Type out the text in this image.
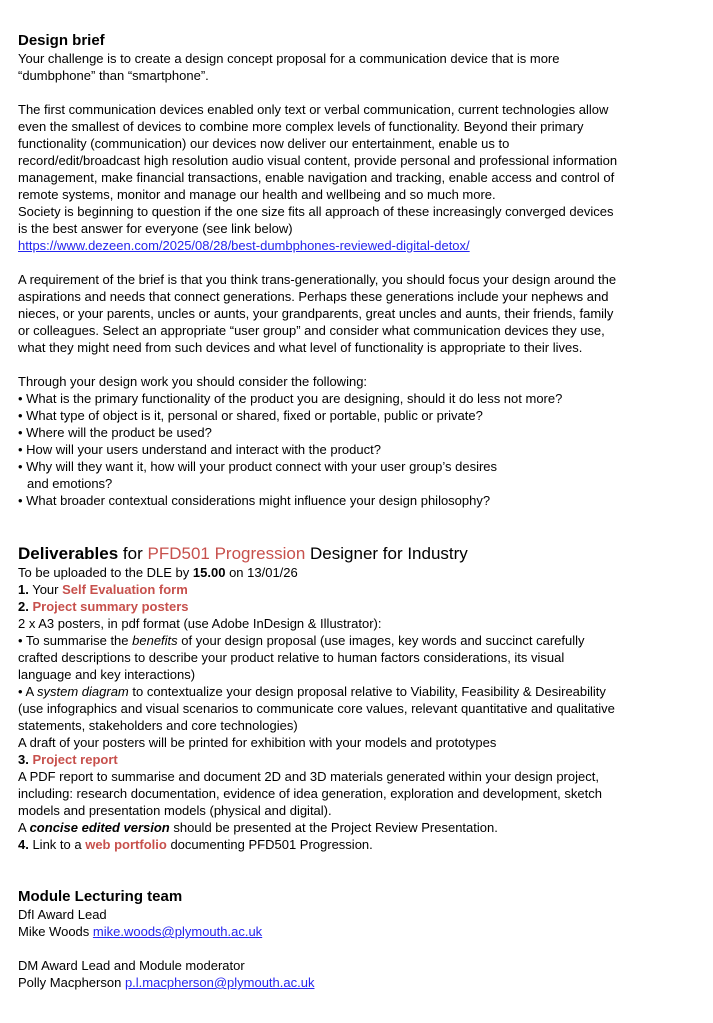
Design brief
Your challenge is to create a design concept proposal for a communication device that is more
“dumbphone” than “smartphone”.
The first communication devices enabled only text or verbal communication, current technologies allow
even the smallest of devices to combine more complex levels of functionality. Beyond their primary
functionality (communication) our devices now deliver our entertainment, enable us to
record/edit/broadcast high resolution audio visual content, provide personal and professional information
management, make financial transactions, enable navigation and tracking, enable access and control of
remote systems, monitor and manage our health and wellbeing and so much more.
Society is beginning to question if the one size fits all approach of these increasingly converged devices
is the best answer for everyone (see link below)
https://www.dezeen.com/2025/08/28/best-dumbphones-reviewed-digital-detox/
A requirement of the brief is that you think trans-generationally, you should focus your design around the
aspirations and needs that connect generations. Perhaps these generations include your nephews and
nieces, or your parents, uncles or aunts, your grandparents, great uncles and aunts, their friends, family
or colleagues. Select an appropriate “user group” and consider what communication devices they use,
what they might need from such devices and what level of functionality is appropriate to their lives.
Through your design work you should consider the following:
• What is the primary functionality of the product you are designing, should it do less not more?
• What type of object is it, personal or shared, fixed or portable, public or private?
• Where will the product be used?
• How will your users understand and interact with the product?
• Why will they want it, how will your product connect with your user group’s desires
and emotions?
• What broader contextual considerations might influence your design philosophy?
Deliverables for PFD501 Progression Designer for Industry
To be uploaded to the DLE by 15.00 on 13/01/26
1. Your Self Evaluation form
2. Project summary posters
2 x A3 posters, in pdf format (use Adobe InDesign & Illustrator):
• To summarise the benefits of your design proposal (use images, key words and succinct carefully
crafted descriptions to describe your product relative to human factors considerations, its visual
language and key interactions)
• A system diagram to contextualize your design proposal relative to Viability, Feasibility & Desireability
(use infographics and visual scenarios to communicate core values, relevant quantitative and qualitative
statements, stakeholders and core technologies)
A draft of your posters will be printed for exhibition with your models and prototypes
3. Project report
A PDF report to summarise and document 2D and 3D materials generated within your design project,
including: research documentation, evidence of idea generation, exploration and development, sketch
models and presentation models (physical and digital).
A concise edited version should be presented at the Project Review Presentation.
4. Link to a web portfolio documenting PFD501 Progression.
Module Lecturing team
DfI Award Lead
Mike Woods mike.woods@plymouth.ac.uk
DM Award Lead and Module moderator
Polly Macpherson p.l.macpherson@plymouth.ac.uk
